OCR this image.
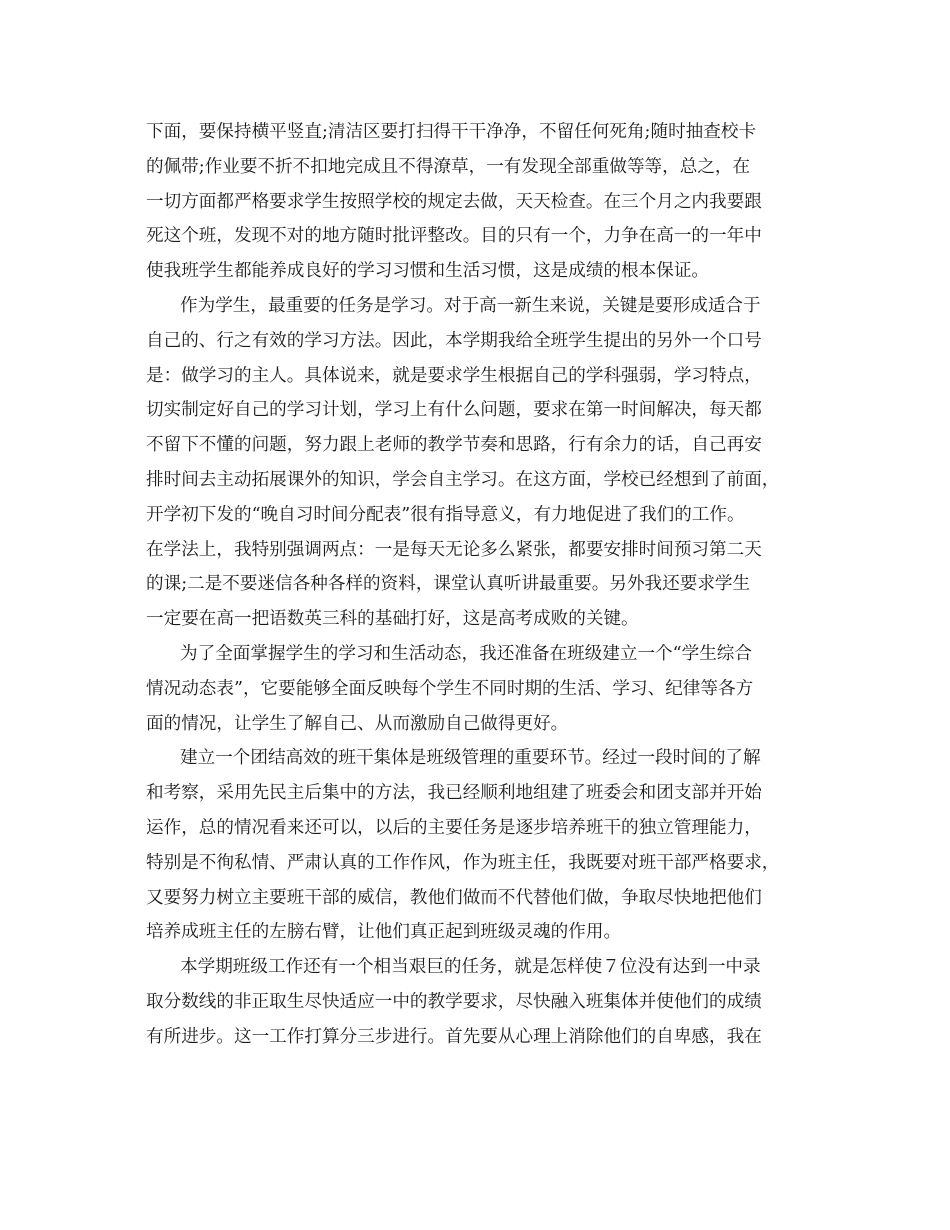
下面，要保持横平竖直;清洁区要打扫得干干净净，不留任何死角;随时抽查校卡
的佩带;作业要不折不扣地完成且不得潦草，一有发现全部重做等等，总之，在
一切方面都严格要求学生按照学校的规定去做，天天检查。在三个月之内我要跟
死这个班，发现不对的地方随时批评整改。目的只有一个，力争在高一的一年中
使我班学生都能养成良好的学习习惯和生活习惯，这是成绩的根本保证。
作为学生，最重要的任务是学习。对于高一新生来说，关键是要形成适合于
自己的、行之有效的学习方法。因此，本学期我给全班学生提出的另外一个口号
是：做学习的主人。具体说来，就是要求学生根据自己的学科强弱，学习特点，
切实制定好自己的学习计划，学习上有什么问题，要求在第一时间解决，每天都
不留下不懂的问题，努力跟上老师的教学节奏和思路，行有余力的话，自己再安
排时间去主动拓展课外的知识，学会自主学习。在这方面，学校已经想到了前面，
开学初下发的“晚自习时间分配表”很有指导意义，有力地促进了我们的工作。
在学法上，我特别强调两点：一是每天无论多么紧张，都要安排时间预习第二天
的课;二是不要迷信各种各样的资料，课堂认真听讲最重要。另外我还要求学生
一定要在高一把语数英三科的基础打好，这是高考成败的关键。
为了全面掌握学生的学习和生活动态，我还准备在班级建立一个“学生综合
情况动态表”，它要能够全面反映每个学生不同时期的生活、学习、纪律等各方
面的情况，让学生了解自己、从而激励自己做得更好。
建立一个团结高效的班干集体是班级管理的重要环节。经过一段时间的了解
和考察，采用先民主后集中的方法，我已经顺利地组建了班委会和团支部并开始
运作，总的情况看来还可以，以后的主要任务是逐步培养班干的独立管理能力，
特别是不徇私情、严肃认真的工作作风，作为班主任，我既要对班干部严格要求，
又要努力树立主要班干部的威信，教他们做而不代替他们做，争取尽快地把他们
培养成班主任的左膀右臂，让他们真正起到班级灵魂的作用。
本学期班级工作还有一个相当艰巨的任务，就是怎样使７位没有达到一中录
取分数线的非正取生尽快适应一中的教学要求，尽快融入班集体并使他们的成绩
有所进步。这一工作打算分三步进行。首先要从心理上消除他们的自卑感，我在
